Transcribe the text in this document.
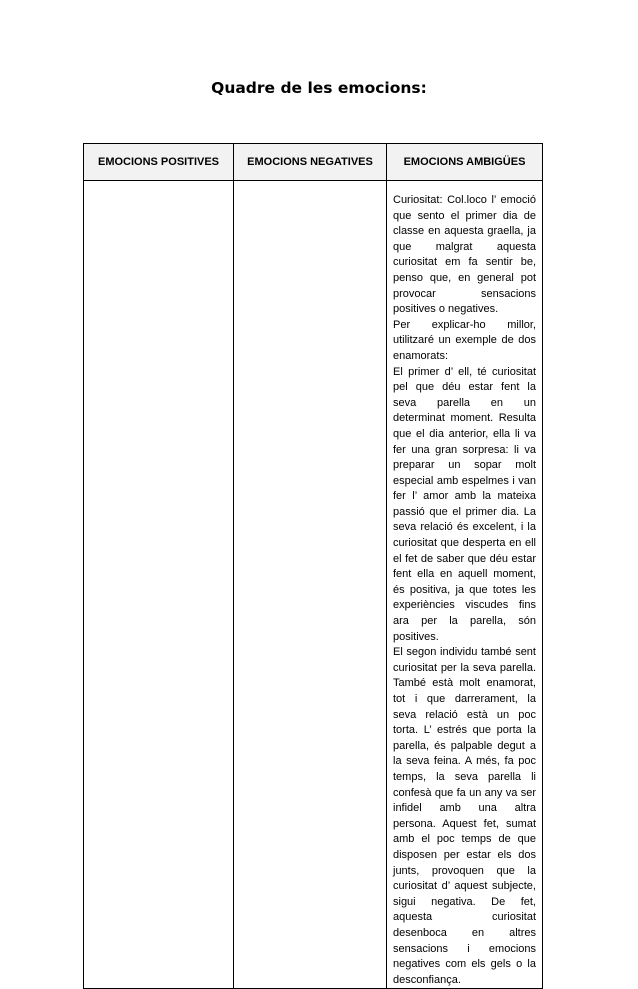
Quadre de les emocions:
EMOCIONS POSITIVES	EMOCIONS NEGATIVES	EMOCIONS AMBIGÜES

		Curiositat: Col.loco l’ emoció que sento el primer dia de classe en aquesta graella, ja que malgrat aquesta curiositat em fa sentir be, penso que, en general pot provocar sensacions positives o negatives.

Per explicar-ho millor, utilitzaré un exemple de dos enamorats:

El primer d’ ell, té curiositat pel que déu estar fent la seva parella en un determinat moment. Resulta que el dia anterior, ella li va fer una gran sorpresa: li va preparar un sopar molt especial amb espelmes i van fer l’ amor amb la mateixa passió que el primer dia. La seva relació és excelent, i la curiositat que desperta en ell el fet de saber que déu estar fent ella en aquell moment, és positiva, ja que totes les experiències viscudes fins ara per la parella, són positives.

El segon individu també sent curiositat per la seva parella. També està molt enamorat, tot i que darrerament, la seva relació està un poc torta. L’ estrés que porta la parella, és palpable degut a la seva feina. A més, fa poc temps, la seva parella li confesà que fa un any va ser infidel amb una altra persona. Aquest fet, sumat amb el poc temps de que disposen per estar els dos junts, provoquen que la curiositat d’ aquest subjecte, sigui negativa. De fet, aquesta curiositat desenboca en altres sensacions i emocions negatives com els gels o la desconfiança.
